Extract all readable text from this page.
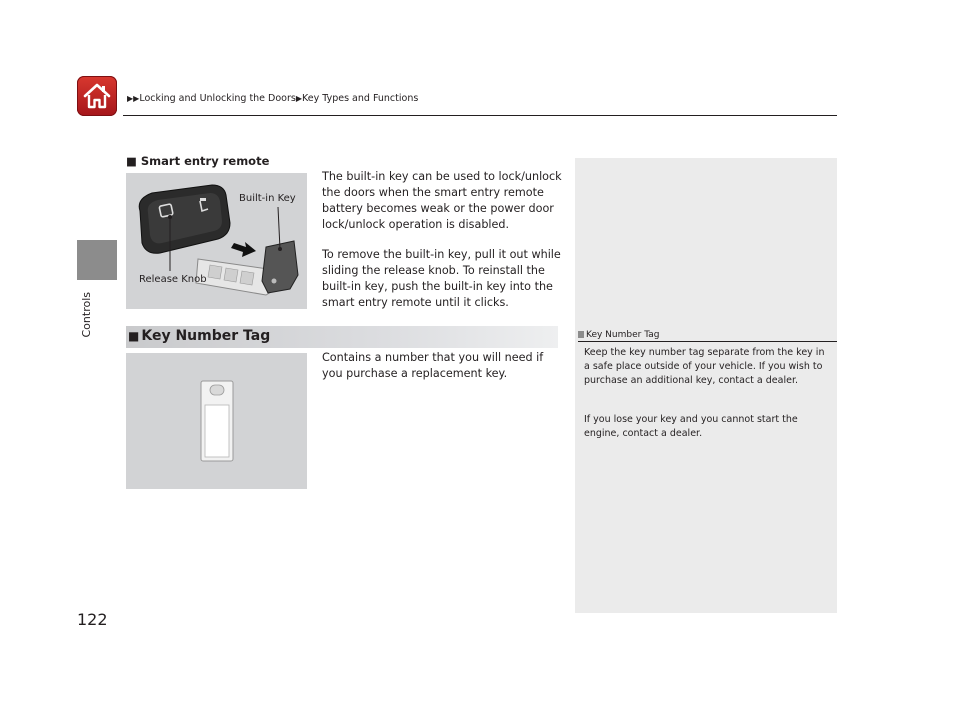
▶▶Locking and Unlocking the Doors▶Key Types and Functions
Controls
122
■ Smart entry remote
Built-in Key
Release Knob
The built-in key can be used to lock/unlock the doors when the smart entry remote battery becomes weak or the power door lock/unlock operation is disabled.
To remove the built-in key, pull it out while sliding the release knob. To reinstall the built-in key, push the built-in key into the smart entry remote until it clicks.
■ Key Number Tag
Contains a number that you will need if you purchase a replacement key.
Key Number Tag
Keep the key number tag separate from the key in a safe place outside of your vehicle. If you wish to purchase an additional key, contact a dealer.
If you lose your key and you cannot start the engine, contact a dealer.
